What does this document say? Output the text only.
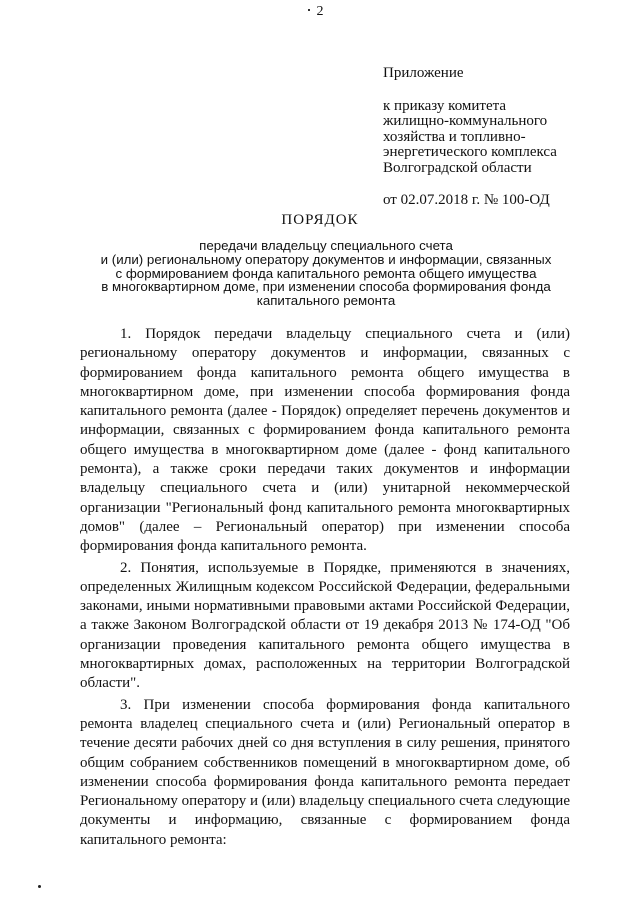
2
Приложение
к приказу комитета
жилищно-коммунального
хозяйства и топливно-
энергетического комплекса
Волгоградской области
от 02.07.2018 г. № 100-ОД
ПОРЯДОК
передачи владельцу специального счета
и (или) региональному оператору документов и информации, связанных
с формированием фонда капитального ремонта общего имущества
в многоквартирном доме, при изменении способа формирования фонда
капитального ремонта

1. Порядок передачи владельцу специального счета и (или) региональному оператору документов и информации, связанных с формированием фонда капитального ремонта общего имущества в многоквартирном доме, при изменении способа формирования фонда капитального ремонта (далее - Порядок) определяет перечень документов и информации, связанных с формированием фонда капитального ремонта общего имущества в многоквартирном доме (далее - фонд капитального ремонта), а также сроки передачи таких документов и информации владельцу специального счета и (или) унитарной некоммерческой организации "Региональный фонд капитального ремонта многоквартирных домов" (далее – Региональный оператор) при изменении способа формирования фонда капитального ремонта.

2. Понятия, используемые в Порядке, применяются в значениях, определенных Жилищным кодексом Российской Федерации, федеральными законами, иными нормативными правовыми актами Российской Федерации, а также Законом Волгоградской области от 19 декабря 2013 № 174-ОД "Об организации проведения капитального ремонта общего имущества в многоквартирных домах, расположенных на территории Волгоградской области".

3. При изменении способа формирования фонда капитального ремонта владелец специального счета и (или) Региональный оператор в течение десяти рабочих дней со дня вступления в силу решения, принятого общим собранием собственников помещений в многоквартирном доме, об изменении способа формирования фонда капитального ремонта передает Региональному оператору и (или) владельцу специального счета следующие документы и информацию, связанные с формированием фонда капитального ремонта:
